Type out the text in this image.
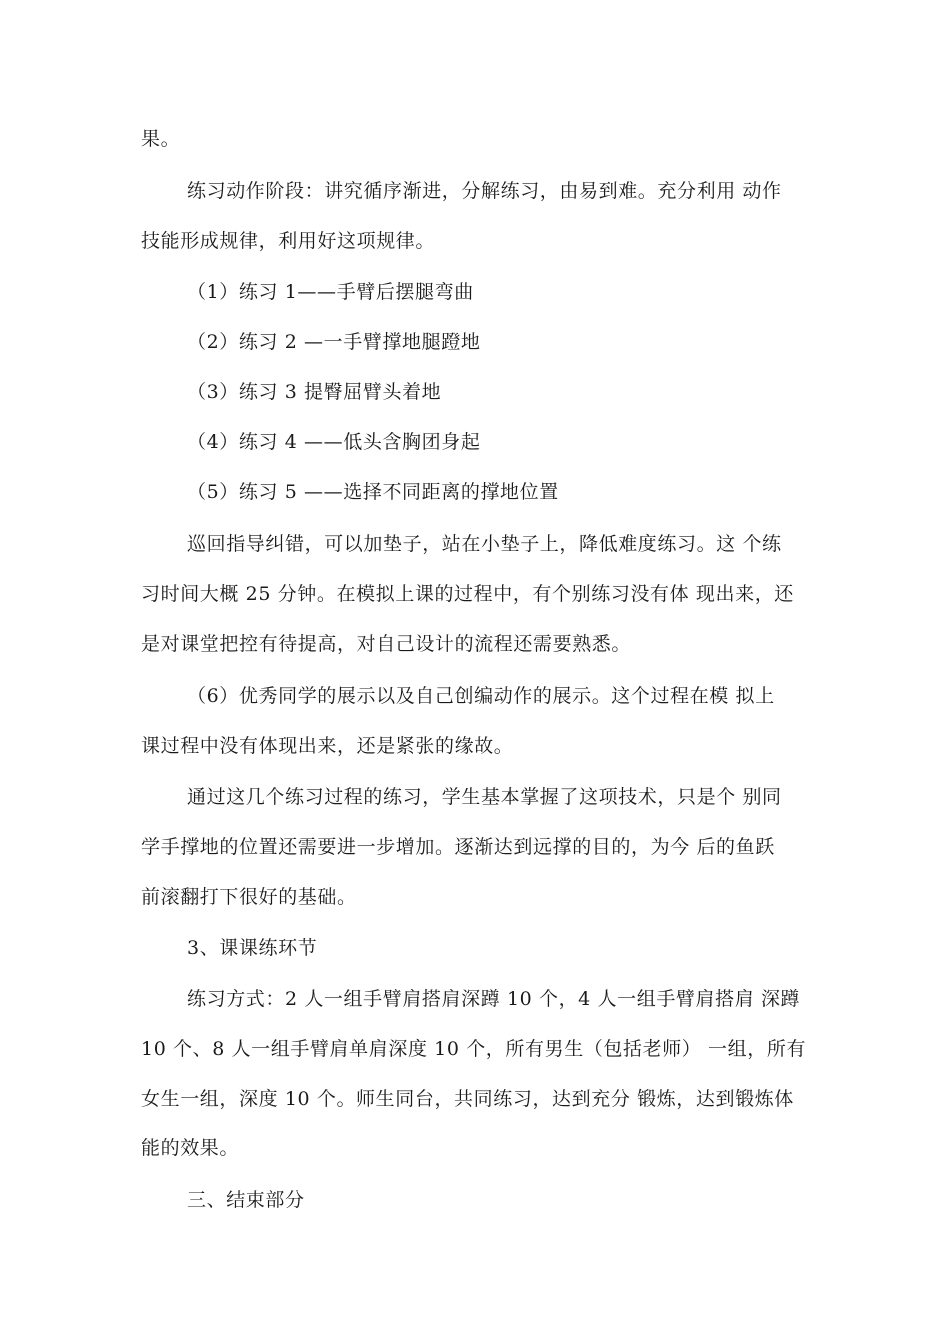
果。
练习动作阶段：讲究循序渐进，分解练习，由易到难。充分利用 动作
技能形成规律，利用好这项规律。
（1）练习 1——手臂后摆腿弯曲
（2）练习 2 —一手臂撑地腿蹬地
（3）练习 3 提臀屈臂头着地
（4）练习 4 ——低头含胸团身起
（5）练习 5 ——选择不同距离的撑地位置
巡回指导纠错，可以加垫子，站在小垫子上，降低难度练习。这 个练
习时间大概 25 分钟。在模拟上课的过程中，有个别练习没有体 现出来，还
是对课堂把控有待提高，对自己设计的流程还需要熟悉。
（6）优秀同学的展示以及自己创编动作的展示。这个过程在模 拟上
课过程中没有体现出来，还是紧张的缘故。
通过这几个练习过程的练习，学生基本掌握了这项技术，只是个 别同
学手撑地的位置还需要进一步增加。逐渐达到远撑的目的，为今 后的鱼跃
前滚翻打下很好的基础。
3、课课练环节
练习方式：2 人一组手臂肩搭肩深蹲 10 个，4 人一组手臂肩搭肩 深蹲
10 个、8 人一组手臂肩单肩深度 10 个，所有男生（包括老师） 一组，所有
女生一组，深度 10 个。师生同台，共同练习，达到充分 锻炼，达到锻炼体
能的效果。
三、结束部分
